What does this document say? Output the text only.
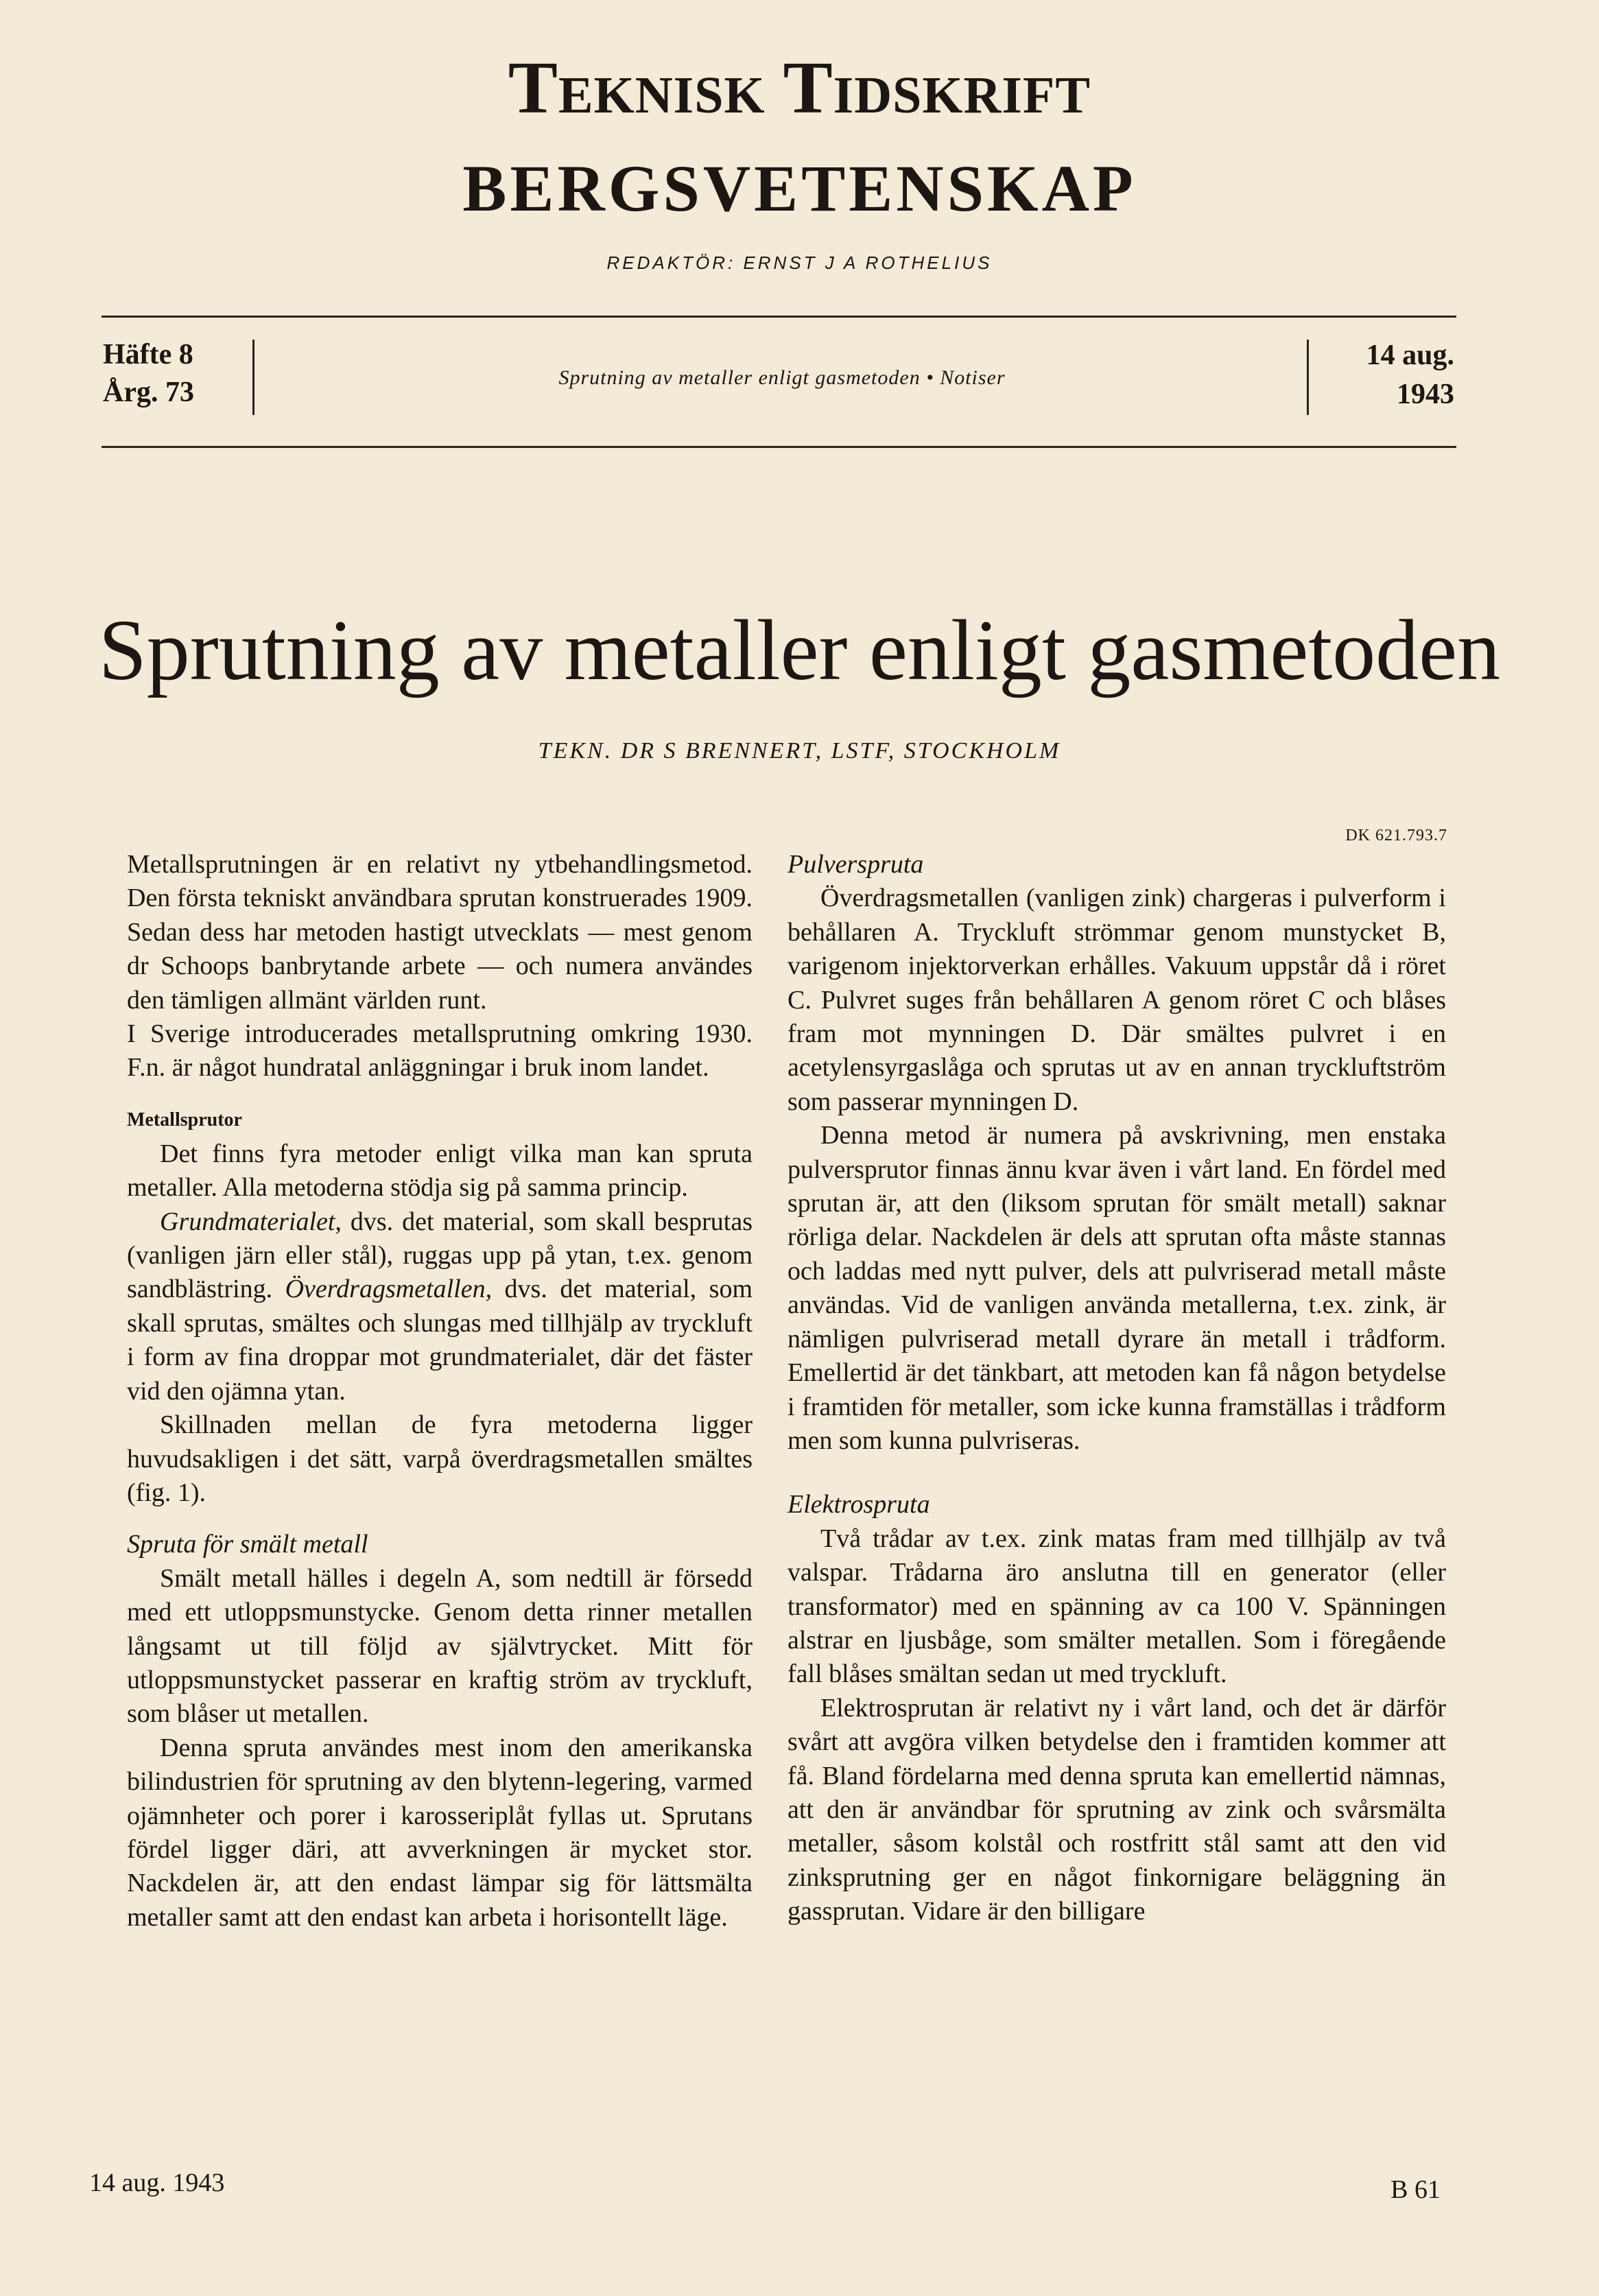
Teknisk Tidskrift
BERGSVETENSKAP
REDAKTÖR: ERNST J A ROTHELIUS
Häfte 8
Årg. 73	Sprutning av metaller enligt gasmetoden • Notiser
14 aug.
1943
Sprutning av metaller enligt gasmetoden
TEKN. DR S BRENNERT, LSTF, STOCKHOLM
DK 621.793.7

Metallsprutningen är en relativt ny ytbehandlingsmetod. Den första tekniskt användbara sprutan konstruerades 1909. Sedan dess har metoden hastigt utvecklats — mest genom dr Schoops banbrytande arbete — och numera användes den tämligen allmänt världen runt.

I Sverige introducerades metallsprutning omkring 1930. F.n. är något hundratal anläggningar i bruk inom landet.

Metallsprutor

Det finns fyra metoder enligt vilka man kan spruta metaller. Alla metoderna stödja sig på samma princip.

Grundmaterialet, dvs. det material, som skall besprutas (vanligen järn eller stål), ruggas upp på ytan, t.ex. genom sandblästring. Överdragsmetallen, dvs. det material, som skall sprutas, smältes och slungas med tillhjälp av tryckluft i form av fina droppar mot grundmaterialet, där det fäster vid den ojämna ytan.

Skillnaden mellan de fyra metoderna ligger huvudsakligen i det sätt, varpå överdragsmetallen smältes (fig. 1).

Spruta för smält metall

Smält metall hälles i degeln A, som nedtill är försedd med ett utloppsmunstycke. Genom detta rinner metallen långsamt ut till följd av självtrycket. Mitt för utloppsmunstycket passerar en kraftig ström av tryckluft, som blåser ut metallen.

Denna spruta användes mest inom den amerikanska bilindustrien för sprutning av den blytenn-legering, varmed ojämnheter och porer i karosseriplåt fyllas ut. Sprutans fördel ligger däri, att avverkningen är mycket stor. Nackdelen är, att den endast lämpar sig för lättsmälta metaller samt att den endast kan arbeta i horisontellt läge.

Pulverspruta

Överdragsmetallen (vanligen zink) chargeras i pulverform i behållaren A. Tryckluft strömmar genom munstycket B, varigenom injektorverkan erhålles. Vakuum uppstår då i röret C. Pulvret suges från behållaren A genom röret C och blåses fram mot mynningen D. Där smältes pulvret i en acetylensyrgaslåga och sprutas ut av en annan tryckluftström som passerar mynningen D.

Denna metod är numera på avskrivning, men enstaka pulversprutor finnas ännu kvar även i vårt land. En fördel med sprutan är, att den (liksom sprutan för smält metall) saknar rörliga delar. Nackdelen är dels att sprutan ofta måste stannas och laddas med nytt pulver, dels att pulvriserad metall måste användas. Vid de vanligen använda metallerna, t.ex. zink, är nämligen pulvriserad metall dyrare än metall i trådform. Emellertid är det tänkbart, att metoden kan få någon betydelse i framtiden för metaller, som icke kunna framställas i trådform men som kunna pulvriseras.

Elektrospruta

Två trådar av t.ex. zink matas fram med tillhjälp av två valspar. Trådarna äro anslutna till en generator (eller transformator) med en spänning av ca 100 V. Spänningen alstrar en ljusbåge, som smälter metallen. Som i föregående fall blåses smältan sedan ut med tryckluft.

Elektrosprutan är relativt ny i vårt land, och det är därför svårt att avgöra vilken betydelse den i framtiden kommer att få. Bland fördelarna med denna spruta kan emellertid nämnas, att den är användbar för sprutning av zink och svårsmälta metaller, såsom kolstål och rostfritt stål samt att den vid zinksprutning ger en något finkornigare beläggning än gassprutan. Vidare är den billigare

14 aug. 1943	B 61
